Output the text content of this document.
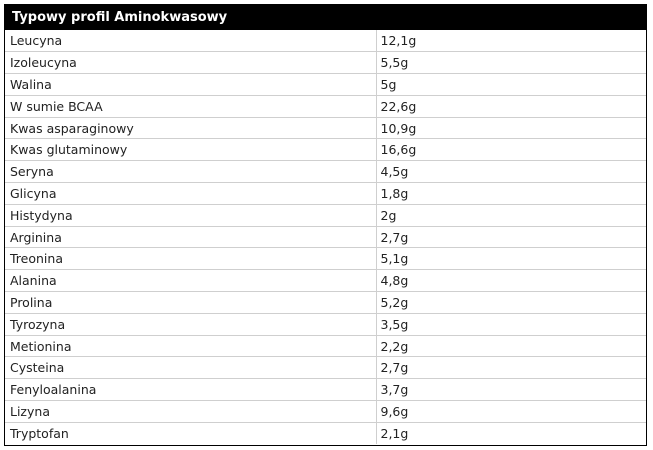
Typowy profil Aminokwasowy
Leucyna	12,1g
Izoleucyna	5,5g
Walina	5g
W sumie BCAA	22,6g
Kwas asparaginowy	10,9g
Kwas glutaminowy	16,6g
Seryna	4,5g
Glicyna	1,8g
Histydyna	2g
Arginina	2,7g
Treonina	5,1g
Alanina	4,8g
Prolina	5,2g
Tyrozyna	3,5g
Metionina	2,2g
Cysteina	2,7g
Fenyloalanina	3,7g
Lizyna	9,6g
Tryptofan	2,1g
